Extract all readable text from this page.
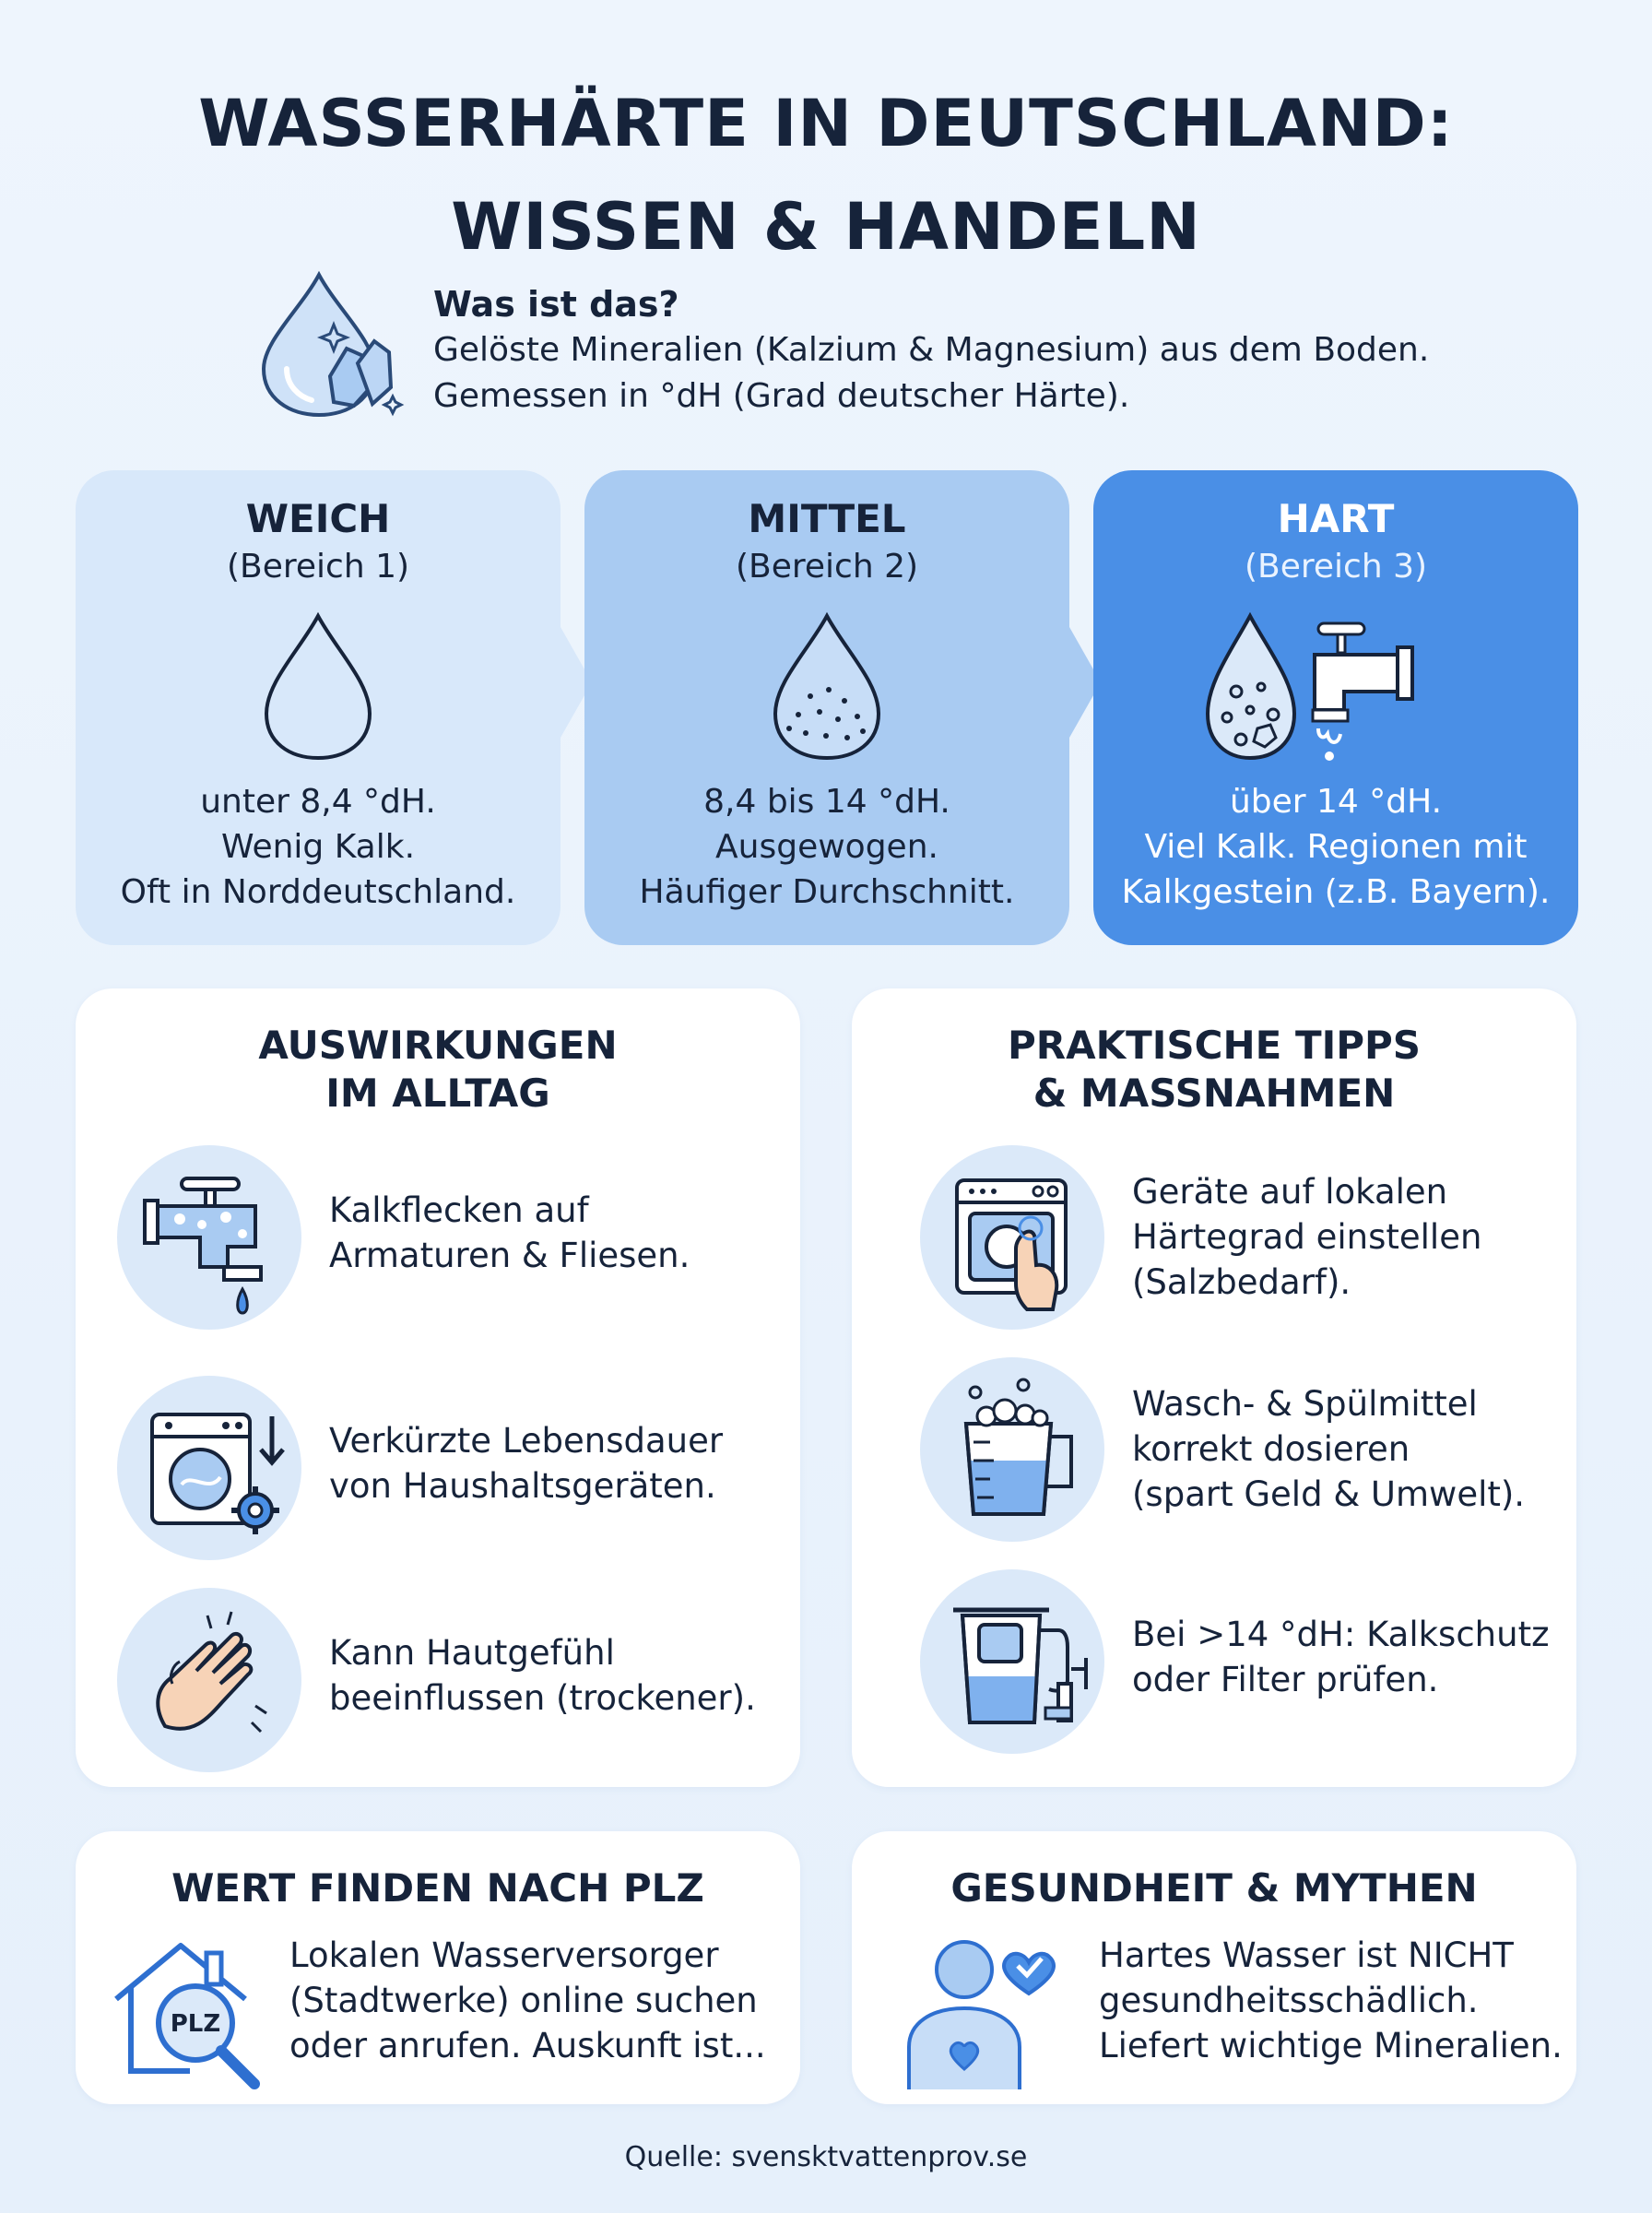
WASSERHÄRTE IN DEUTSCHLAND:
WISSEN & HANDELN
Was ist das?
Gelöste Mineralien (Kalzium & Magnesium) aus dem Boden.
Gemessen in °dH (Grad deutscher Härte).
WEICH
(Bereich 1)
unter 8,4 °dH.
Wenig Kalk.
Oft in Norddeutschland.
MITTEL
(Bereich 2)
8,4 bis 14 °dH.
Ausgewogen.
Häufiger Durchschnitt.
HART
(Bereich 3)
über 14 °dH.
Viel Kalk. Regionen mit
Kalkgestein (z.B. Bayern).
AUSWIRKUNGEN
IM ALLTAG
Kalkflecken auf
Armaturen & Fliesen.
Verkürzte Lebensdauer
von Haushaltsgeräten.
Kann Hautgefühl
beeinflussen (trockener).
PRAKTISCHE TIPPS
& MASSNAHMEN
Geräte auf lokalen
Härtegrad einstellen
(Salzbedarf).
Wasch- & Spülmittel
korrekt dosieren
(spart Geld & Umwelt).
Bei >14 °dH: Kalkschutz
oder Filter prüfen.
WERT FINDEN NACH PLZ
PLZ
Lokalen Wasserversorger
(Stadtwerke) online suchen
oder anrufen. Auskunft ist...
GESUNDHEIT & MYTHEN
Hartes Wasser ist NICHT
gesundheitsschädlich.
Liefert wichtige Mineralien.
Quelle: svensktvattenprov.se
